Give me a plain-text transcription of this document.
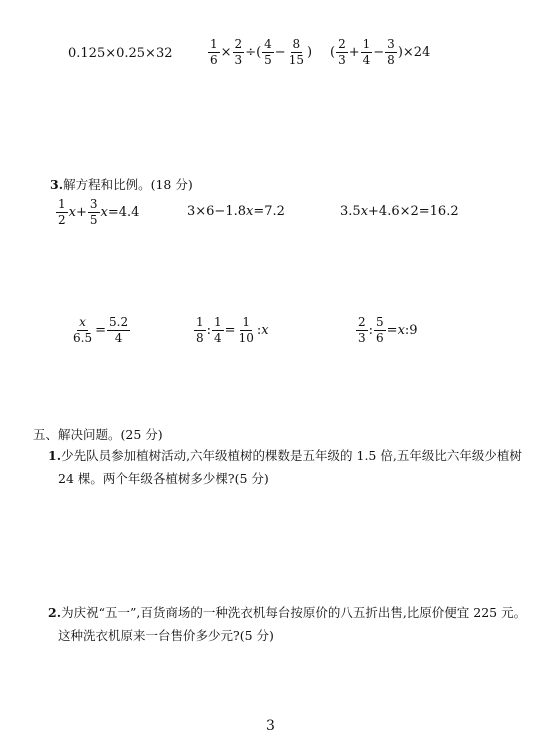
0.125×0.25×32	$\frac{1}{6} \times \frac{2}{3}$ ÷( $\frac{4}{5} - \frac{8}{15}$ ) ( $\frac{2}{3} + \frac{1}{4} - \frac{3}{8} )\times 24$
3.解方程和比例。(18 分)
$\frac{1}{2}$ $x + \frac{3}{5}$ x =4.4	3×6−1.8 x =7.2	3.5 x +4.6×2=16.2
$\frac{x}{6.5} = \frac{5.2}{4}$	$\frac{1}{8}$ : $\frac{1}{4} = \frac{1}{10}$ : x	$\frac{2}{3}$ : $\frac{5}{6} = x$ :9
五、解决问题。(25 分)
1.少先队员参加植树活动,六年级植树的棵数是五年级的 1.5 倍,五年级比六年级少植树
24 棵。两个年级各植树多少棵?(5 分)
2.为庆祝“五一”,百货商场的一种洗衣机每台按原价的八五折出售,比原价便宜 225 元。
这种洗衣机原来一台售价多少元?(5 分)
3
